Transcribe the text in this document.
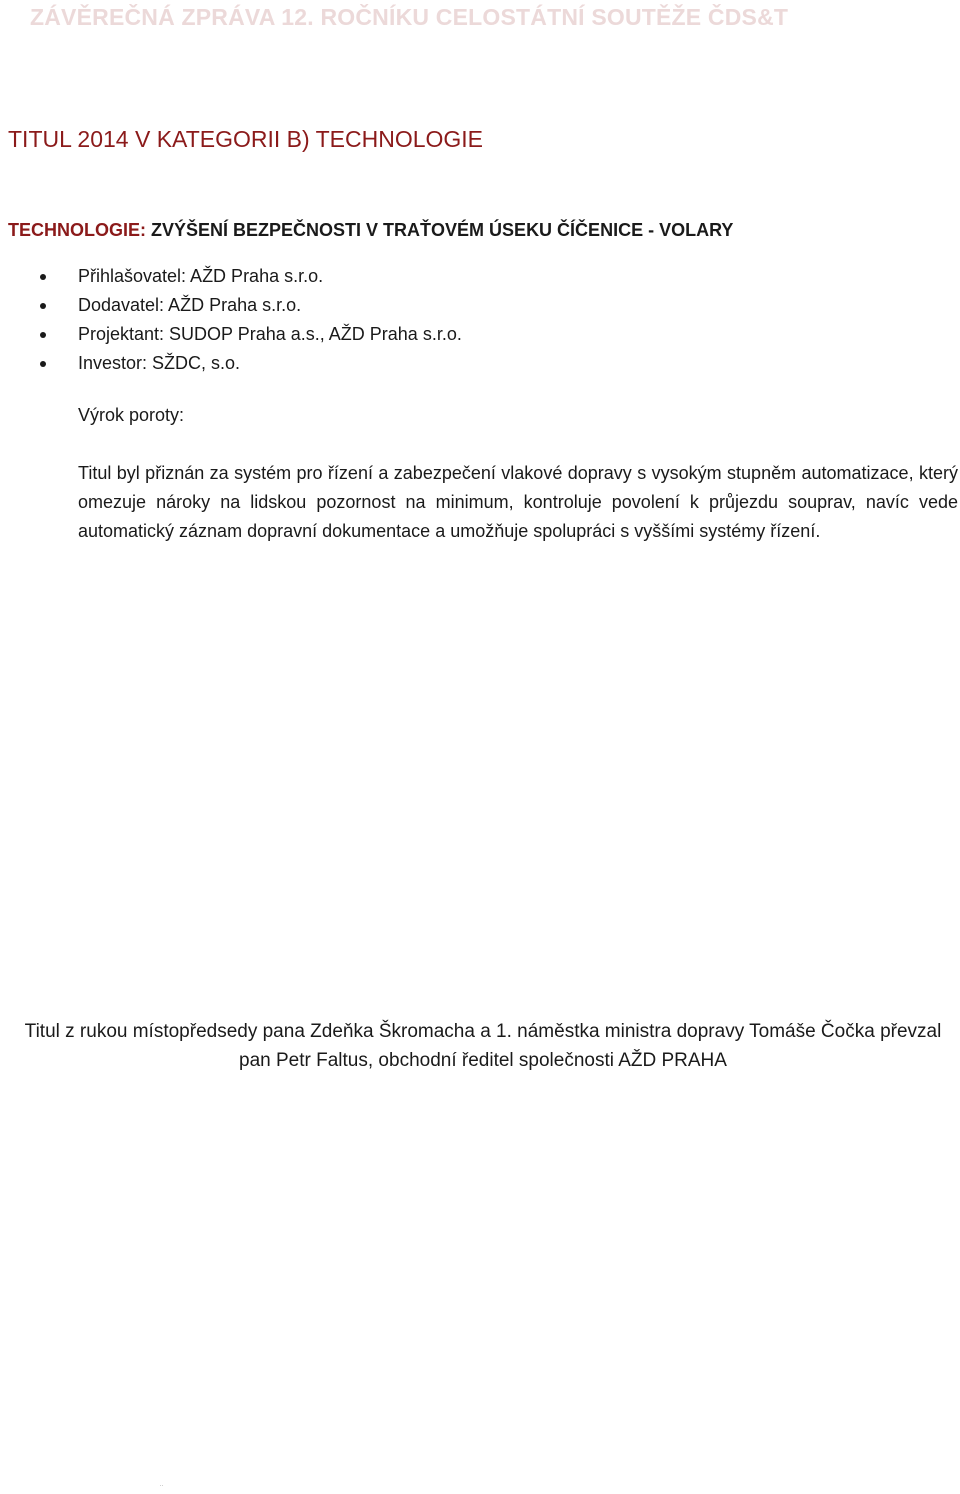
ZÁVĚREČNÁ ZPRÁVA 12. ROČNÍKU CELOSTÁTNÍ SOUTĚŽE ČDS&T
TITUL 2014 V KATEGORII B) TECHNOLOGIE
TECHNOLOGIE: ZVÝŠENÍ BEZPEČNOSTI V TRAŤOVÉM ÚSEKU ČÍČENICE - VOLARY
Přihlašovatel: AŽD Praha s.r.o.
Dodavatel: AŽD Praha s.r.o.
Projektant: SUDOP Praha a.s., AŽD Praha s.r.o.
Investor: SŽDC, s.o.
Výrok poroty:
Titul byl přiznán za systém pro řízení a zabezpečení vlakové dopravy s vysokým stupněm automatizace, který omezuje nároky na lidskou pozornost na minimum, kontroluje povolení k průjezdu souprav, navíc vede automatický záznam dopravní dokumentace a umožňuje spolupráci s vyššími systémy řízení.
Titul z rukou místopředsedy pana Zdeňka Škromacha a 1. náměstka ministra dopravy Tomáše Čočka převzal pan Petr Faltus, obchodní ředitel společnosti AŽD PRAHA
¨
